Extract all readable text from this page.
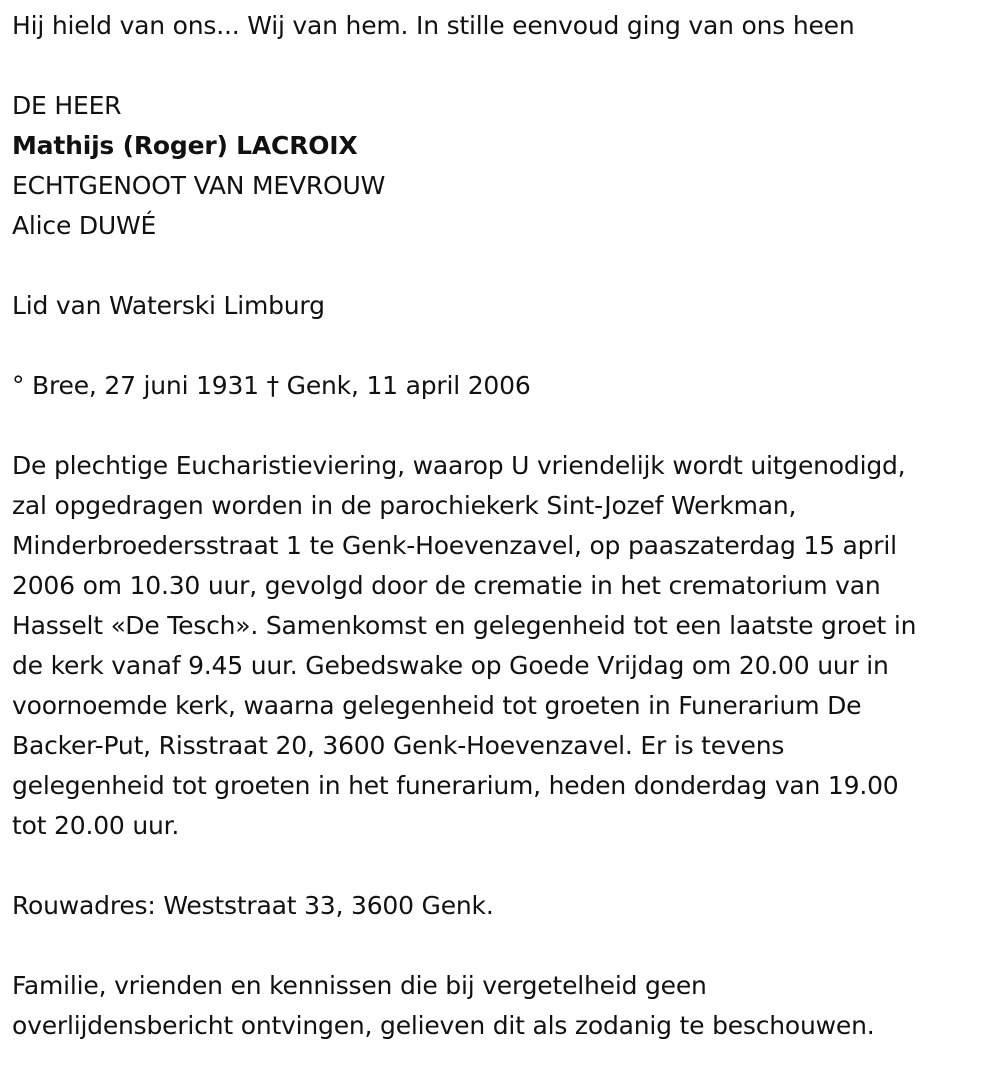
Hij hield van ons... Wij van hem. In stille eenvoud ging van ons heen

DE HEER

Mathijs (Roger) LACROIX

ECHTGENOOT VAN MEVROUW

Alice DUWÉ

Lid van Waterski Limburg

° Bree, 27 juni 1931 † Genk, 11 april 2006

De plechtige Eucharistieviering, waarop U vriendelijk wordt uitgenodigd,
zal opgedragen worden in de parochiekerk Sint-Jozef Werkman,
Minderbroedersstraat 1 te Genk-Hoevenzavel, op paaszaterdag 15 april
2006 om 10.30 uur, gevolgd door de crematie in het crematorium van
Hasselt «De Tesch». Samenkomst en gelegenheid tot een laatste groet in
de kerk vanaf 9.45 uur. Gebedswake op Goede Vrijdag om 20.00 uur in
voornoemde kerk, waarna gelegenheid tot groeten in Funerarium De
Backer-Put, Risstraat 20, 3600 Genk-Hoevenzavel. Er is tevens
gelegenheid tot groeten in het funerarium, heden donderdag van 19.00
tot 20.00 uur.

Rouwadres: Weststraat 33, 3600 Genk.

Familie, vrienden en kennissen die bij vergetelheid geen
overlijdensbericht ontvingen, gelieven dit als zodanig te beschouwen.
